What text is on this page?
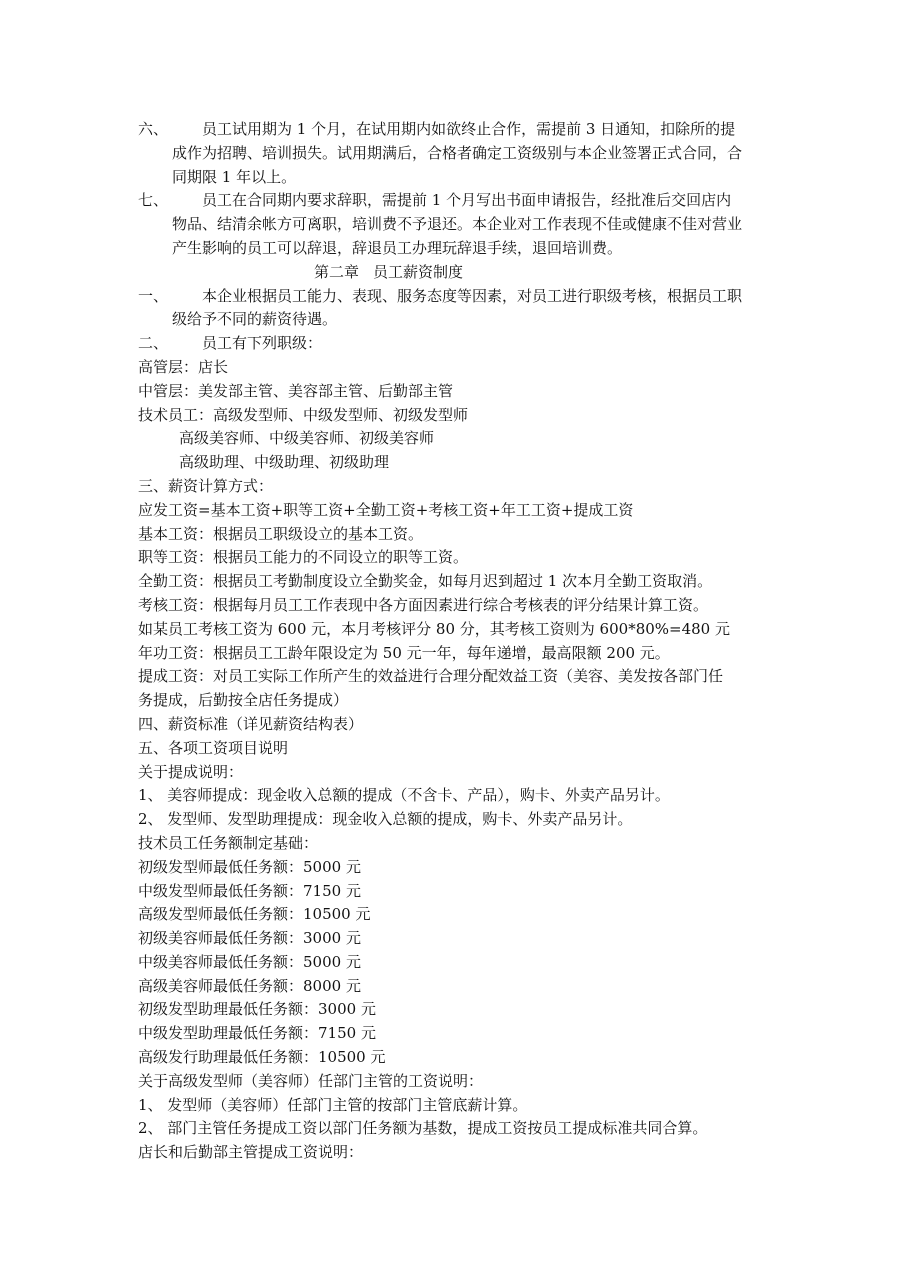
六、	员工试用期为 1 个月，在试用期内如欲终止合作，需提前 3 日通知，扣除所的提
成作为招聘、培训损失。试用期满后，合格者确定工资级别与本企业签署正式合同，合
同期限 1 年以上。
七、	员工在合同期内要求辞职，需提前 1 个月写出书面申请报告，经批准后交回店内
物品、结清余帐方可离职，培训费不予退还。本企业对工作表现不佳或健康不佳对营业
产生影响的员工可以辞退，辞退员工办理玩辞退手续，退回培训费。
第二章 员工薪资制度
一、	本企业根据员工能力、表现、服务态度等因素，对员工进行职级考核，根据员工职
级给予不同的薪资待遇。
二、	员工有下列职级：
高管层：店长
中管层：美发部主管、美容部主管、后勤部主管
技术员工：高级发型师、中级发型师、初级发型师
高级美容师、中级美容师、初级美容师
高级助理、中级助理、初级助理
三、薪资计算方式：
应发工资=基本工资+职等工资+全勤工资+考核工资+年工工资+提成工资
基本工资：根据员工职级设立的基本工资。
职等工资：根据员工能力的不同设立的职等工资。
全勤工资：根据员工考勤制度设立全勤奖金，如每月迟到超过 1 次本月全勤工资取消。
考核工资：根据每月员工工作表现中各方面因素进行综合考核表的评分结果计算工资。
如某员工考核工资为 600 元，本月考核评分 80 分，其考核工资则为 600*80%=480 元
年功工资：根据员工工龄年限设定为 50 元一年，每年递增，最高限额 200 元。
提成工资：对员工实际工作所产生的效益进行合理分配效益工资（美容、美发按各部门任
务提成，后勤按全店任务提成）
四、薪资标准（详见薪资结构表）
五、各项工资项目说明
关于提成说明：
1、 美容师提成：现金收入总额的提成（不含卡、产品），购卡、外卖产品另计。
2、 发型师、发型助理提成：现金收入总额的提成，购卡、外卖产品另计。
技术员工任务额制定基础：
初级发型师最低任务额：5000 元
中级发型师最低任务额：7150 元
高级发型师最低任务额：10500 元
初级美容师最低任务额：3000 元
中级美容师最低任务额：5000 元
高级美容师最低任务额：8000 元
初级发型助理最低任务额：3000 元
中级发型助理最低任务额：7150 元
高级发行助理最低任务额：10500 元
关于高级发型师（美容师）任部门主管的工资说明：
1、 发型师（美容师）任部门主管的按部门主管底薪计算。
2、 部门主管任务提成工资以部门任务额为基数，提成工资按员工提成标准共同合算。
店长和后勤部主管提成工资说明：
